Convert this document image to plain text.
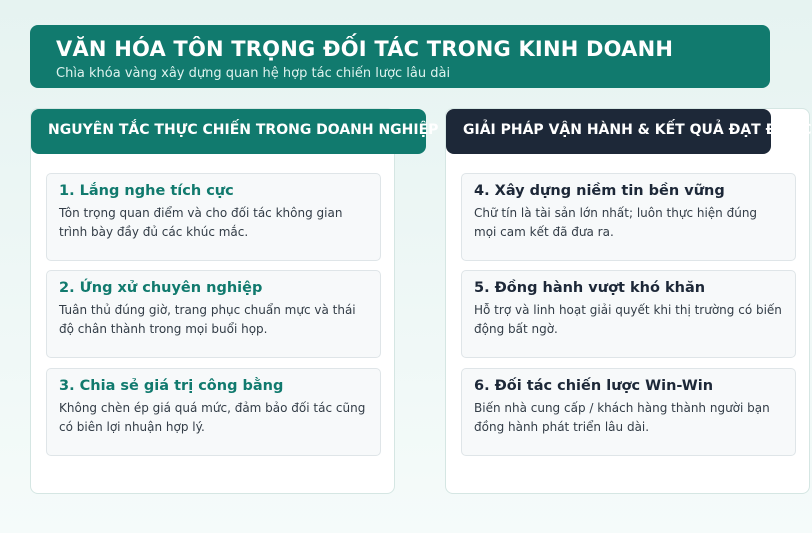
VĂN HÓA TÔN TRỌNG ĐỐI TÁC TRONG KINH DOANH
Chìa khóa vàng xây dựng quan hệ hợp tác chiến lược lâu dài
NGUYÊN TẮC THỰC CHIẾN TRONG DOANH NGHIỆP
1. Lắng nghe tích cực
Tôn trọng quan điểm và cho đối tác không gian trình bày đầy đủ các khúc mắc.
2. Ứng xử chuyên nghiệp
Tuân thủ đúng giờ, trang phục chuẩn mực và thái độ chân thành trong mọi buổi họp.
3. Chia sẻ giá trị công bằng
Không chèn ép giá quá mức, đảm bảo đối tác cũng có biên lợi nhuận hợp lý.
GIẢI PHÁP VẬN HÀNH & KẾT QUẢ ĐẠT ĐƯỢC
4. Xây dựng niềm tin bền vững
Chữ tín là tài sản lớn nhất; luôn thực hiện đúng mọi cam kết đã đưa ra.
5. Đồng hành vượt khó khăn
Hỗ trợ và linh hoạt giải quyết khi thị trường có biến động bất ngờ.
6. Đối tác chiến lược Win-Win
Biến nhà cung cấp / khách hàng thành người bạn đồng hành phát triển lâu dài.
